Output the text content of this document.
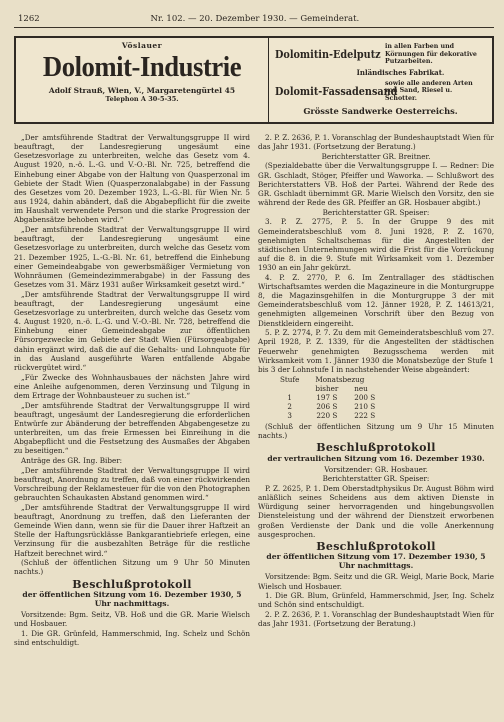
1262	Nr. 102. — 20. Dezember 1930. — Gemeinderat.
Vöslauer
Dolomit-Industrie
Adolf Strauß, Wien, V., Margaretengürtel 45
Telephon A 30-5-35.
Dolomitin-Edelputz
in allen Farben und Körnungen für dekorative Putzarbeiten.
Inländisches Fabrikat.
Dolomit-Fassadensand
sowie alle anderen Arten von Sand, Riesel u. Schotter.
Grösste Sandwerke Oesterreichs.

„Der amtsführende Stadtrat der Verwaltungsgruppe II wird beauftragt, der Landesregierung ungesäumt eine Gesetzesvorlage zu unterbreiten, welche das Gesetz vom 4. August 1920, n.-ö. L.-G. und V.-O.-Bl. Nr. 725, betreffend die Einhebung einer Abgabe von der Haltung von Quasperzonal im Gebiete der Stadt Wien (Quasperzonalabgabe) in der Fassung des Gesetzes vom 20. Dezember 1923, L.-G.-Bl. für Wien Nr. 5 aus 1924, dahin abändert, daß die Abgabepflicht für die zweite im Haushalt verwendete Person und die starke Progression der Abgabensätze behoben wird.“

„Der amtsführende Stadtrat der Verwaltungsgruppe II wird beauftragt, der Landesregierung ungesäumt eine Gesetzesvorlage zu unterbreiten, durch welche das Gesetz vom 21. Dezember 1925, L.-G.-Bl. Nr. 61, betreffend die Einhebung einer Gemeindeabgabe von gewerbsmäßiger Vermietung von Wohnräumen (Gemeindezimmerabgabe) in der Fassung des Gesetzes vom 31. März 1931 außer Wirksamkeit gesetzt wird.“

„Der amtsführende Stadtrat der Verwaltungsgruppe II wird beauftragt, der Landesregierung ungesäumt eine Gesetzesvorlage zu unterbreiten, durch welche das Gesetz vom 4. August 1920, n.-ö. L.-G. und V.-O.-Bl. Nr. 728, betreffend die Einhebung einer Gemeindeabgabe zur öffentlichen Fürsorgezwecke im Gebiete der Stadt Wien (Fürsorgeabgabe) dahin ergänzt wird, daß die auf die Gehalts- und Lohnquote für in das Ausland ausgeführte Waren entfallende Abgabe rückvergütet wird.“

„Für Zwecke des Wohnhausbaues der nächsten Jahre wird eine Anleihe aufgenommen, deren Verzinsung und Tilgung in dem Ertrage der Wohnbausteuer zu suchen ist.“

„Der amtsführende Stadtrat der Verwaltungsgruppe II wird beauftragt, ungesäumt der Landesregierung die erforderlichen Entwürfe zur Abänderung der betreffenden Abgabengesetze zu unterbreiten, um das freie Ermessen bei Einreihung in die Abgabepflicht und die Festsetzung des Ausmaßes der Abgaben zu beseitigen.“

Anträge des GR. Ing. Biber:

„Der amtsführende Stadtrat der Verwaltungsgruppe II wird beauftragt, Anordnung zu treffen, daß von einer rückwirkenden Vorschreibung der Reklamesteuer für die von den Photographen gebrauchten Schaukasten Abstand genommen wird.“

„Der amtsführende Stadtrat der Verwaltungsgruppe II wird beauftragt, Anordnung zu treffen, daß den Lieferanten der Gemeinde Wien dann, wenn sie für die Dauer ihrer Haftzeit an Stelle der Haftungsrücklässe Bankgarantiebriefe erlegen, eine Verzinsung für die ausbezahlten Beträge für die restliche Haftzeit berechnet wird.“

(Schluß der öffentlichen Sitzung um 9 Uhr 50 Minuten nachts.)

Beschlußprotokoll
der öffentlichen Sitzung vom 16. Dezember 1930, 5 Uhr nachmittags.

Vorsitzende: Bgm. Seitz, VB. Hoß und die GR. Marie Wielsch und Hosbauer.

1. Die GR. Grünfeld, Hammerschmid, Ing. Schelz und Schön sind entschuldigt.

2. P. Z. 2636, P. 1. Voranschlag der Bundeshauptstadt Wien für das Jahr 1931. (Fortsetzung der Beratung.)

Berichterstatter GR. Breitner.

(Spezialdebatte über die Verwaltungsgruppe I. — Redner: Die GR. Gschladt, Stöger, Pfeiffer und Waworka. — Schlußwort des Berichterstatters VB. Hoß der Partei. Während der Rede des GR. Gschladt übernimmt GR. Marie Wielsch den Vorsitz, den sie während der Rede des GR. Pfeiffer an GR. Hosbauer abgibt.)

Berichterstatter GR. Speiser:

3. P. Z. 2775, P. 5. In der Gruppe 9 des mit Gemeinderatsbeschluß vom 8. Juni 1928, P. Z. 1670, genehmigten Schaltschemas für die Angestellten der städtischen Unternehmungen wird die Frist für die Vorrückung auf die 8. in die 9. Stufe mit Wirksamkeit vom 1. Dezember 1930 an ein Jahr gekürzt.

4. P. Z. 2770, P. 6. Im Zentrallager des städtischen Wirtschaftsamtes werden die Magazineure in die Monturgruppe 8, die Magazinsgehilfen in die Monturgruppe 3 der mit Gemeinderatsbeschluß vom 12. Jänner 1928, P. Z. 14613/21, genehmigten allgemeinen Vorschrift über den Bezug von Dienstkleidern eingereiht.

5. P. Z. 2774, P. 7. Zu dem mit Gemeinderatsbeschluß vom 27. April 1928, P. Z. 1339, für die Angestellten der städtischen Feuerwehr genehmigten Bezugsschema werden mit Wirksamkeit vom 1. Jänner 1930 die Monatsbezüge der Stufe 1 bis 3 der Lohnstufe I in nachstehender Weise abgeändert:

Stufe	Monatsbezug	
	bisher	neu
1	197 S	200 S
2	206 S	210 S
3	220 S	222 S

(Schluß der öffentlichen Sitzung um 9 Uhr 15 Minuten nachts.)

Beschlußprotokoll
der vertraulichen Sitzung vom 16. Dezember 1930.

Vorsitzender: GR. Hosbauer.

Berichterstatter GR. Speiser:

P. Z. 2625, P. 1. Dem Oberstadtphysikus Dr. August Böhm wird anläßlich seines Scheidens aus dem aktiven Dienste in Würdigung seiner hervorragenden und hingebungsvollen Diensteleistung und der während der Dienstzeit erworbenen großen Verdienste der Dank und die volle Anerkennung ausgesprochen.

Beschlußprotokoll
der öffentlichen Sitzung vom 17. Dezember 1930, 5 Uhr nachmittags.

Vorsitzende: Bgm. Seitz und die GR. Weigl, Marie Bock, Marie Wielsch und Hosbauer.

1. Die GR. Blum, Grünfeld, Hammerschmid, Jser, Ing. Schelz und Schön sind entschuldigt.

2. P. Z. 2636, P. 1. Voranschlag der Bundeshauptstadt Wien für das Jahr 1931. (Fortsetzung der Beratung.)
